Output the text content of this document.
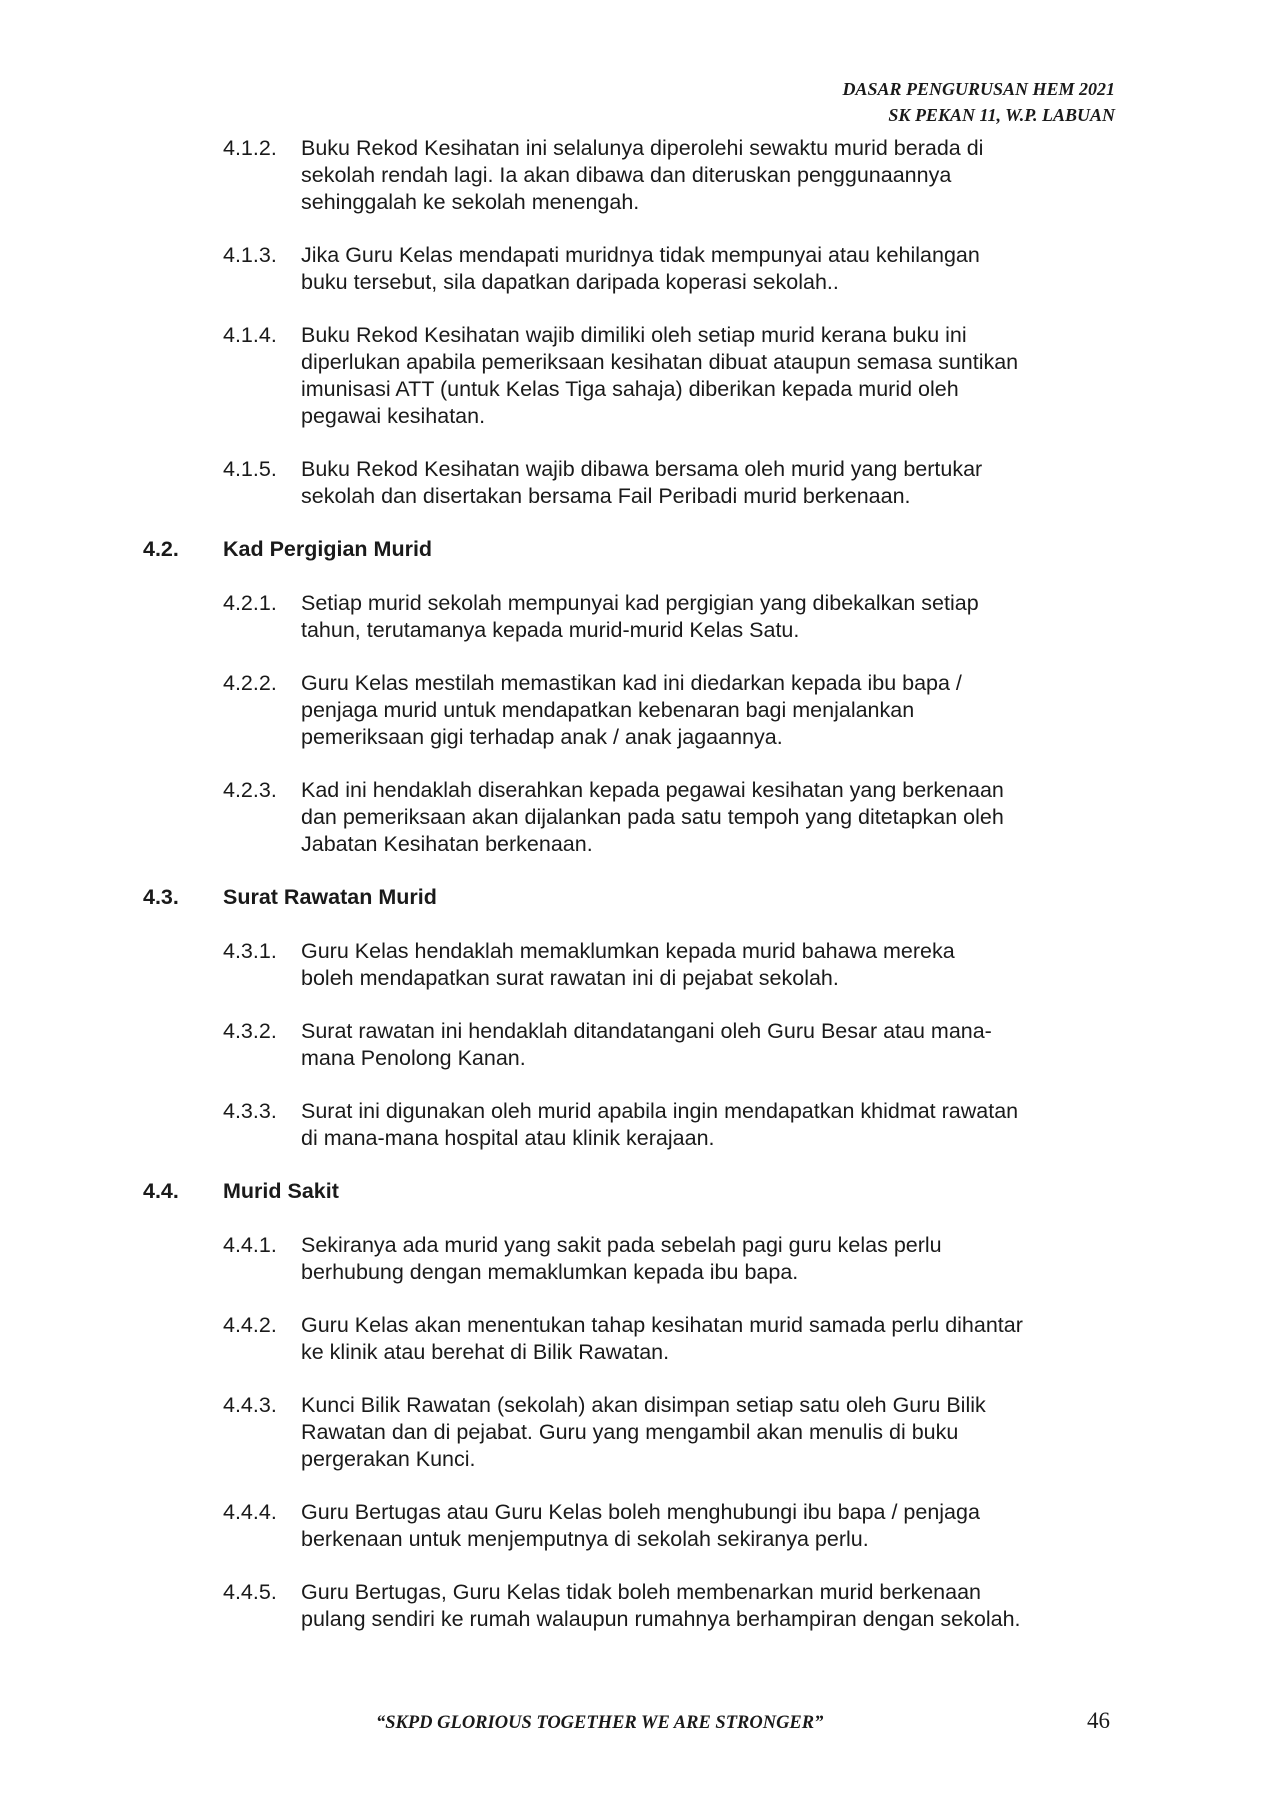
DASAR PENGURUSAN HEM 2021
SK PEKAN 11, W.P. LABUAN
4.1.2. Buku Rekod Kesihatan ini selalunya diperolehi sewaktu murid berada di
sekolah rendah lagi. Ia akan dibawa dan diteruskan penggunaannya
sehinggalah ke sekolah menengah.
4.1.3. Jika Guru Kelas mendapati muridnya tidak mempunyai atau kehilangan
buku tersebut, sila dapatkan daripada koperasi sekolah..
4.1.4. Buku Rekod Kesihatan wajib dimiliki oleh setiap murid kerana buku ini
diperlukan apabila pemeriksaan kesihatan dibuat ataupun semasa suntikan
imunisasi ATT (untuk Kelas Tiga sahaja) diberikan kepada murid oleh
pegawai kesihatan.
4.1.5. Buku Rekod Kesihatan wajib dibawa bersama oleh murid yang bertukar
sekolah dan disertakan bersama Fail Peribadi murid berkenaan.
4.2. Kad Pergigian Murid
4.2.1. Setiap murid sekolah mempunyai kad pergigian yang dibekalkan setiap
tahun, terutamanya kepada murid-murid Kelas Satu.
4.2.2. Guru Kelas mestilah memastikan kad ini diedarkan kepada ibu bapa /
penjaga murid untuk mendapatkan kebenaran bagi menjalankan
pemeriksaan gigi terhadap anak / anak jagaannya.
4.2.3. Kad ini hendaklah diserahkan kepada pegawai kesihatan yang berkenaan
dan pemeriksaan akan dijalankan pada satu tempoh yang ditetapkan oleh
Jabatan Kesihatan berkenaan.
4.3. Surat Rawatan Murid
4.3.1. Guru Kelas hendaklah memaklumkan kepada murid bahawa mereka
boleh mendapatkan surat rawatan ini di pejabat sekolah.
4.3.2. Surat rawatan ini hendaklah ditandatangani oleh Guru Besar atau mana-
mana Penolong Kanan.
4.3.3. Surat ini digunakan oleh murid apabila ingin mendapatkan khidmat rawatan
di mana-mana hospital atau klinik kerajaan.
4.4. Murid Sakit
4.4.1. Sekiranya ada murid yang sakit pada sebelah pagi guru kelas perlu
berhubung dengan memaklumkan kepada ibu bapa.
4.4.2. Guru Kelas akan menentukan tahap kesihatan murid samada perlu dihantar
ke klinik atau berehat di Bilik Rawatan.
4.4.3. Kunci Bilik Rawatan (sekolah) akan disimpan setiap satu oleh Guru Bilik
Rawatan dan di pejabat. Guru yang mengambil akan menulis di buku
pergerakan Kunci.
4.4.4. Guru Bertugas atau Guru Kelas boleh menghubungi ibu bapa / penjaga
berkenaan untuk menjemputnya di sekolah sekiranya perlu.
4.4.5. Guru Bertugas, Guru Kelas tidak boleh membenarkan murid berkenaan
pulang sendiri ke rumah walaupun rumahnya berhampiran dengan sekolah.
“SKPD GLORIOUS TOGETHER WE ARE STRONGER”	46
